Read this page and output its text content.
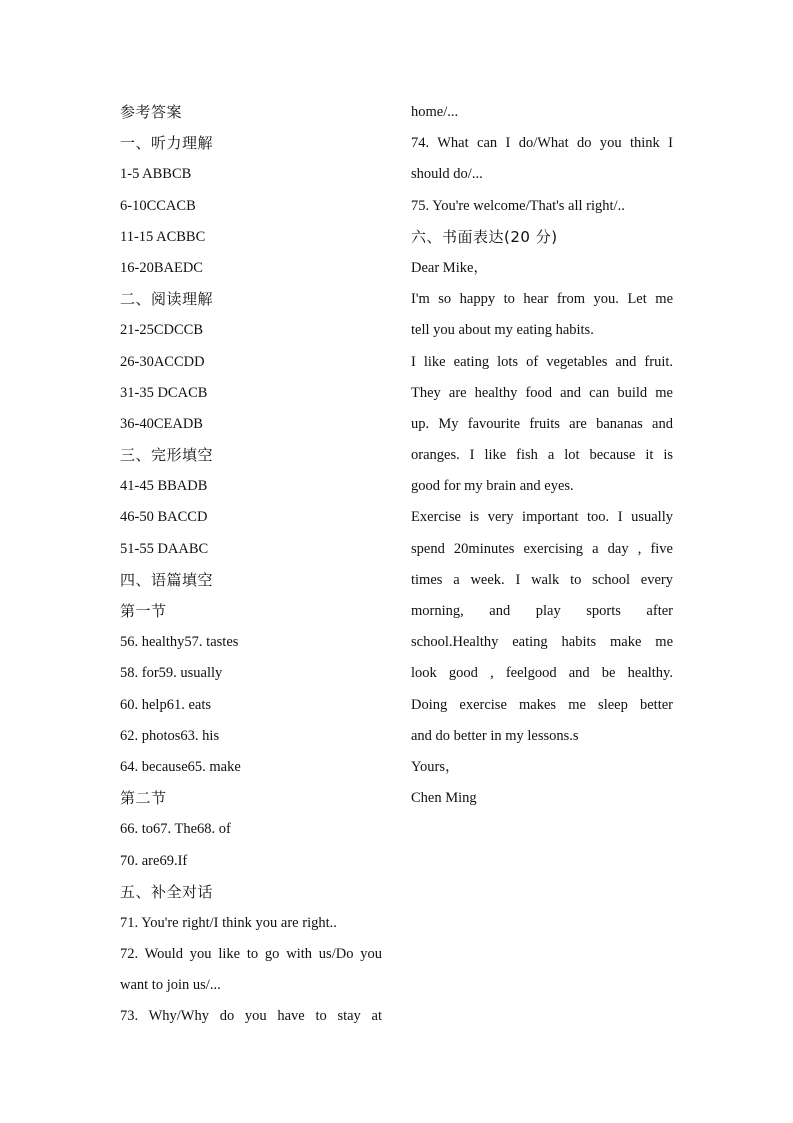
参考答案
一、听力理解
1-5 ABBCB
6-10CCACB
11-15 ACBBC
16-20BAEDC
二、阅读理解
21-25CDCCB
26-30ACCDD
31-35 DCACB
36-40CEADB
三、完形填空
41-45 BBADB
46-50 BACCD
51-55 DAABC
四、语篇填空
第一节
56. healthy57. tastes
58. for59. usually
60. help61. eats
62. photos63. his
64. because65. make
第二节
66. to67. The68. of
70. are69.If
五、补全对话
71. You're right/I think you are right..
72. Would you like to go with us/Do you
want to join us/...
73. Why/Why do you have to stay at
home/...
74. What can I do/What do you think I
should do/...
75. You're welcome/That's all right/..
六、书面表达(20 分)
Dear Mike，
I'm so happy to hear from you. Let me
tell you about my eating habits.
I like eating lots of vegetables and fruit.
They are healthy food and can build me
up. My favourite fruits are bananas and
oranges. I like fish a lot because it is
good for my brain and eyes.
Exercise is very important too. I usually
spend 20minutes exercising a day , five
times a week. I walk to school every
morning, and play sports after
school.Healthy eating habits make me
look good , feelgood and be healthy.
Doing exercise makes me sleep better
and do better in my lessons.s
Yours，
Chen Ming
